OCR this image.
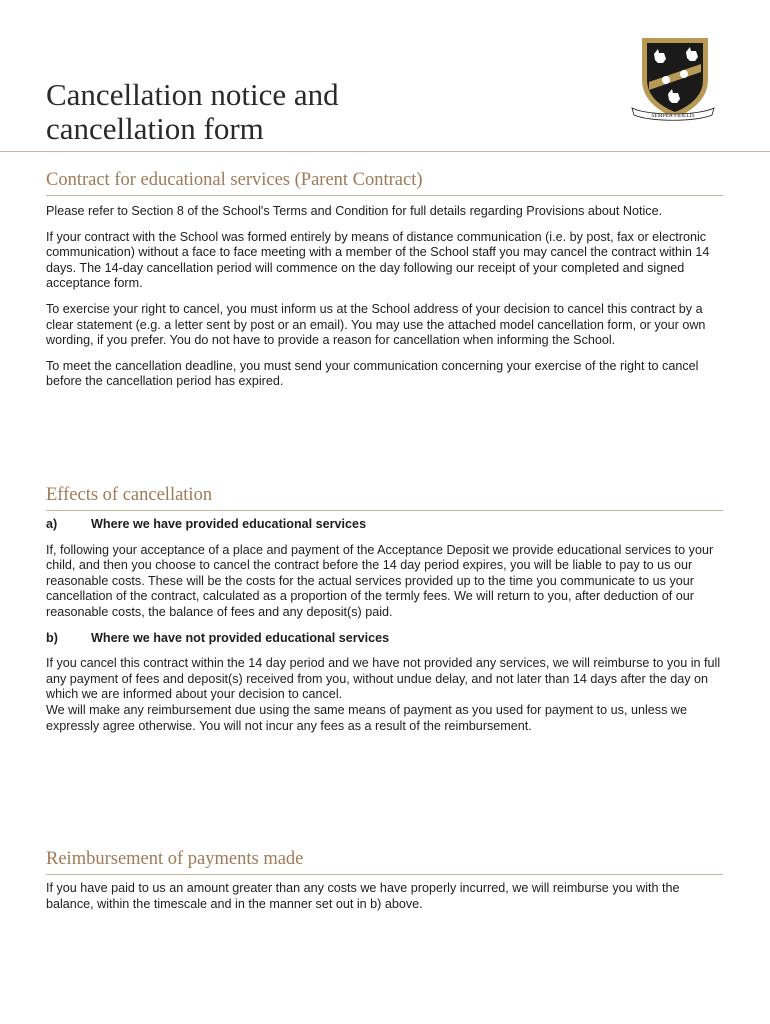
SEMPER FIDELIS
Cancellation notice and
cancellation form
Contract for educational services (Parent Contract)

Please refer to Section 8 of the School's Terms and Condition for full details regarding Provisions about Notice.

If your contract with the School was formed entirely by means of distance communication (i.e. by post, fax or electronic communication) without a face to face meeting with a member of the School staff you may cancel the contract within 14 days. The 14-day cancellation period will commence on the day following our receipt of your completed and signed acceptance form.

To exercise your right to cancel, you must inform us at the School address of your decision to cancel this contract by a clear statement (e.g. a letter sent by post or an email). You may use the attached model cancellation form, or your own wording, if you prefer. You do not have to provide a reason for cancellation when informing the School.

To meet the cancellation deadline, you must send your communication concerning your exercise of the right to cancel before the cancellation period has expired.

Effects of cancellation
a)	Where we have provided educational services

If, following your acceptance of a place and payment of the Acceptance Deposit we provide educational services to your child, and then you choose to cancel the contract before the 14 day period expires, you will be liable to pay to us our reasonable costs. These will be the costs for the actual services provided up to the time you communicate to us your cancellation of the contract, calculated as a proportion of the termly fees. We will return to you, after deduction of our reasonable costs, the balance of fees and any deposit(s) paid.

b)	Where we have not provided educational services

If you cancel this contract within the 14 day period and we have not provided any services, we will reimburse to you in full any payment of fees and deposit(s) received from you, without undue delay, and not later than 14 days after the day on which we are informed about your decision to cancel.

We will make any reimbursement due using the same means of payment as you used for payment to us, unless we expressly agree otherwise. You will not incur any fees as a result of the reimbursement.

Reimbursement of payments made

If you have paid to us an amount greater than any costs we have properly incurred, we will reimburse you with the balance, within the timescale and in the manner set out in b) above.
